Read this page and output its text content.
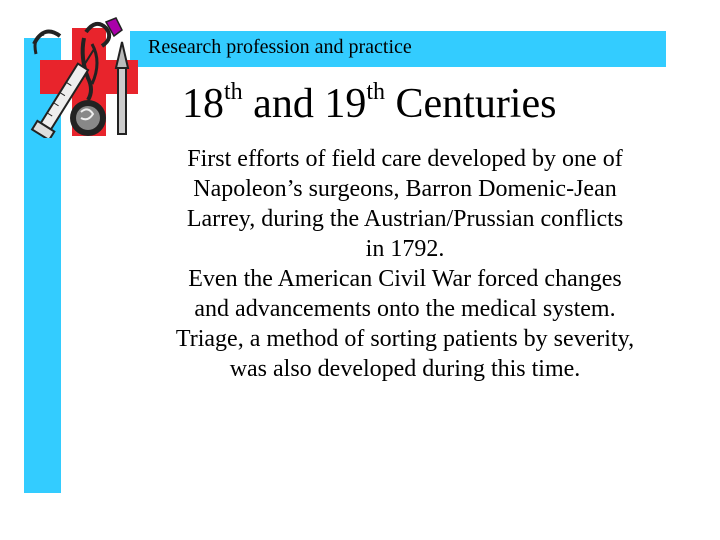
Research profession and practice
18th and 19th Centuries

First efforts of field care developed by one of
Napoleon’s surgeons, Barron Domenic-Jean
Larrey, during the Austrian/Prussian conflicts
in 1792.

Even the American Civil War forced changes
and advancements onto the medical system.

Triage, a method of sorting patients by severity,
was also developed during this time.
